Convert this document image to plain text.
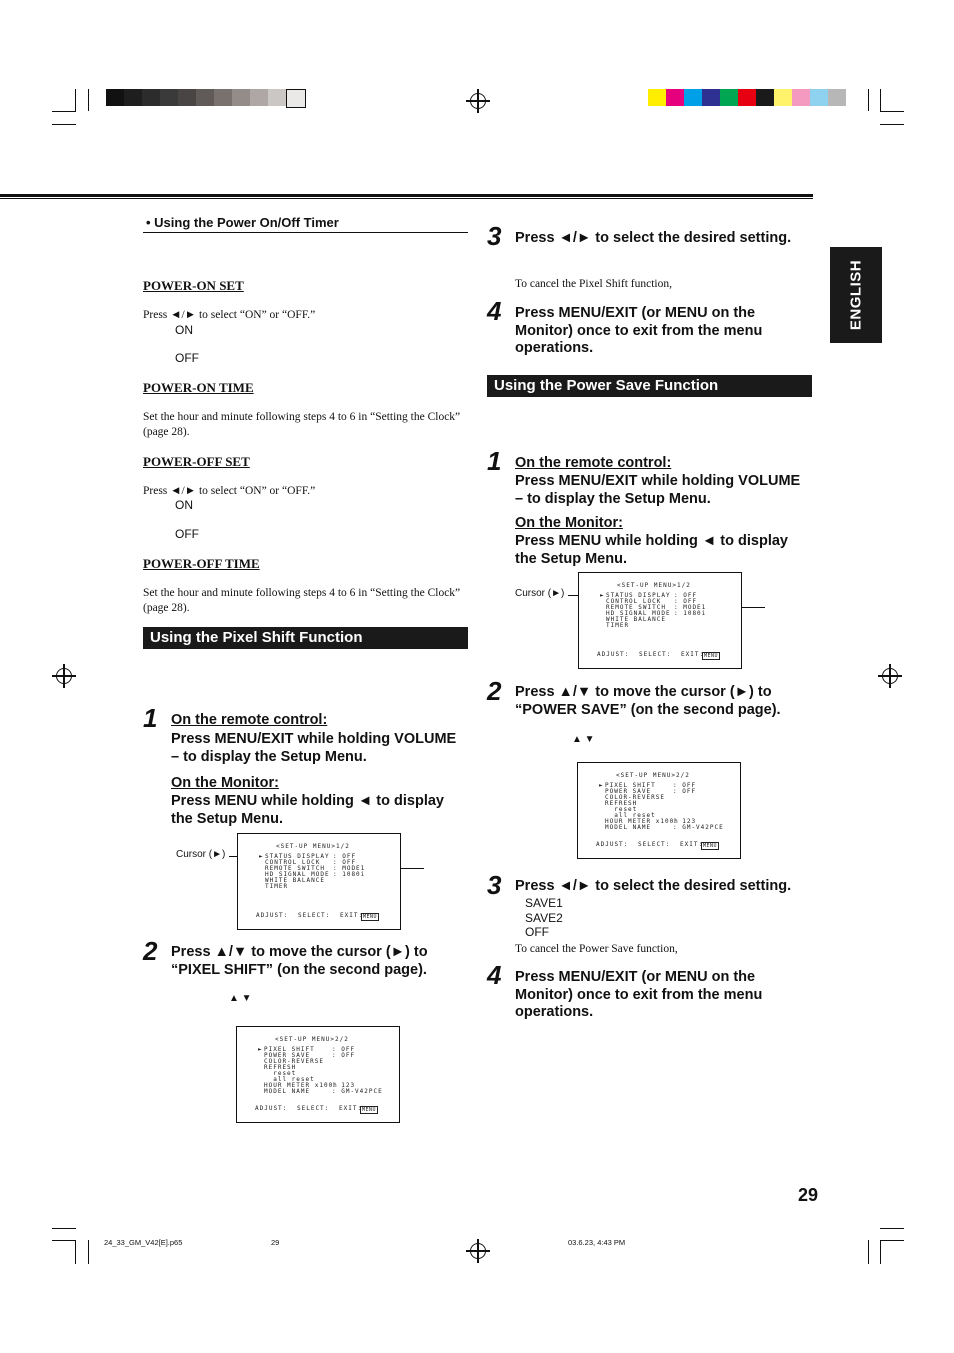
ENGLISH
• Using the Power On/Off Timer
POWER-ON SET
Press ◄/► to select “ON” or “OFF.”
ON
OFF
POWER-ON TIME
Set the hour and minute following steps 4 to 6 in “Setting the Clock” (page 28).
POWER-OFF SET
Press ◄/► to select “ON” or “OFF.”
ON
OFF
POWER-OFF TIME
Set the hour and minute following steps 4 to 6 in “Setting the Clock” (page 28).
Using the Pixel Shift Function
1 On the remote control:
Press MENU/EXIT while holding VOLUME – to display the Setup Menu.
On the Monitor:
Press MENU while holding ◄ to display the Setup Menu.
Cursor (►)
<SET-UP MENU> 1/2
► STATUS DISPLAY : OFF
CONTROL LOCK : OFF
REMOTE SWITCH : MODE1
HD SIGNAL MODE : 1080i
WHITE BALANCE
TIMER
ADJUST: SELECT: EXIT: MENU
2 Press ▲/▼ to move the cursor (►) to “PIXEL SHIFT” (on the second page).
▲ ▼
<SET-UP MENU> 2/2
► PIXEL SHIFT	: OFF
POWER SAVE	: OFF
COLOR-REVERSE
REFRESH
reset
all reset
HOUR METER x100h
: 123
MODEL NAME	: GM-V42PCE
ADJUST: SELECT: EXIT: MENU
3 Press ◄/► to select the desired setting.
To cancel the Pixel Shift function,
4 Press MENU/EXIT (or MENU on the Monitor) once to exit from the menu operations.
Using the Power Save Function
1 On the remote control:
Press MENU/EXIT while holding VOLUME – to display the Setup Menu.
On the Monitor:
Press MENU while holding ◄ to display the Setup Menu.
Cursor (►)
<SET-UP MENU> 1/2
► STATUS DISPLAY : OFF
CONTROL LOCK : OFF
REMOTE SWITCH : MODE1
HD SIGNAL MODE : 1080i
WHITE BALANCE
TIMER
ADJUST: SELECT: EXIT: MENU
2 Press ▲/▼ to move the cursor (►) to “POWER SAVE” (on the second page).
▲ ▼
<SET-UP MENU> 2/2
► PIXEL SHIFT	: OFF
POWER SAVE	: OFF
COLOR-REVERSE
REFRESH
reset
all reset
HOUR METER x100h
: 123
MODEL NAME	: GM-V42PCE
ADJUST: SELECT: EXIT: MENU
3 Press ◄/► to select the desired setting.
SAVE1
SAVE2
OFF
To cancel the Power Save function,
4 Press MENU/EXIT (or MENU on the Monitor) once to exit from the menu operations.
29
24_33_GM_V42[E].p65	29	03.6.23, 4:43 PM
